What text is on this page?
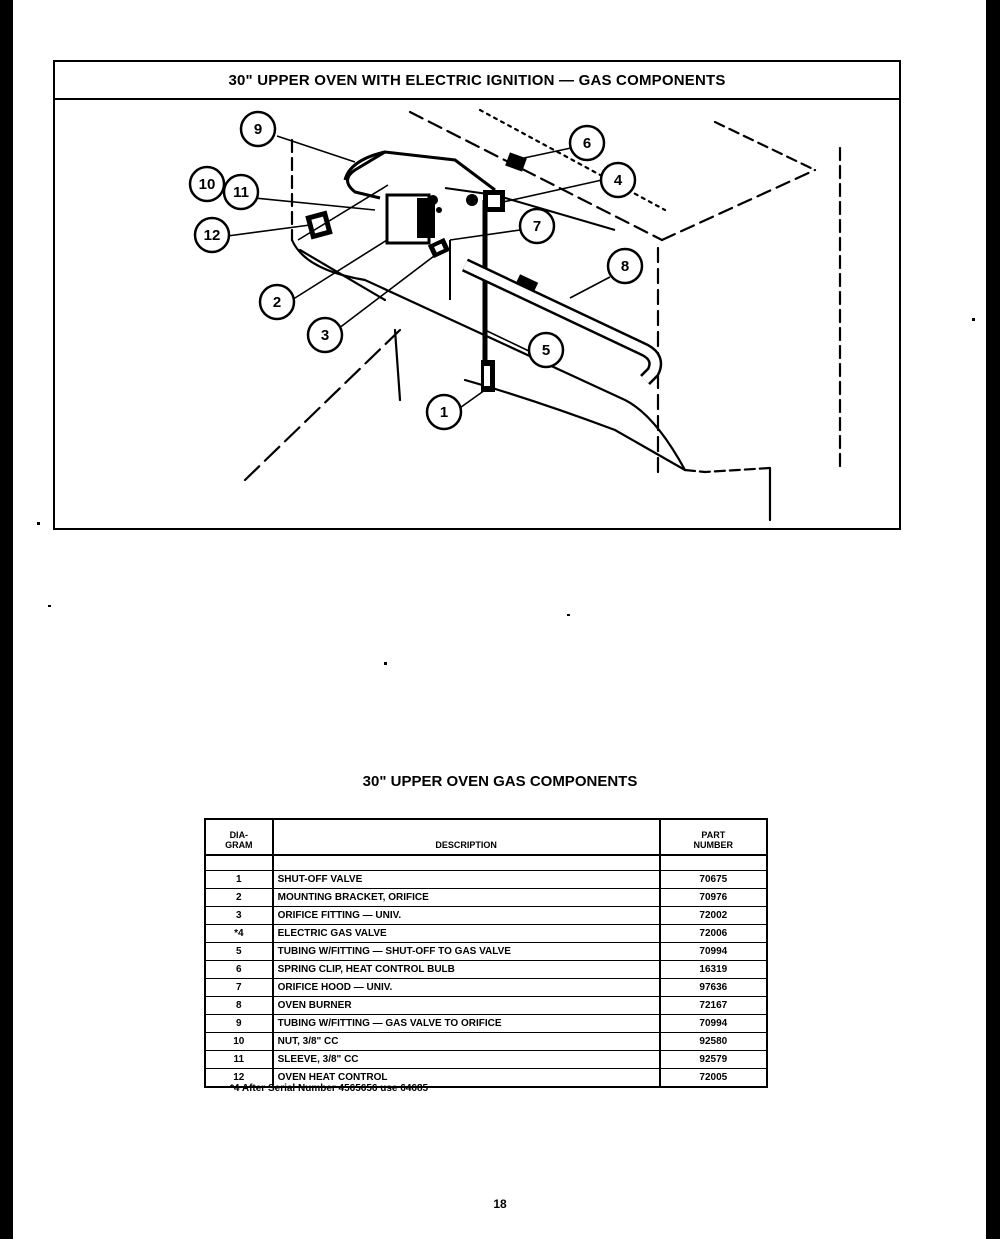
30" UPPER OVEN WITH ELECTRIC IGNITION — GAS COMPONENTS
9
6
4
10 11
7
12
8
2
3
5
1
30" UPPER OVEN GAS COMPONENTS
DIA-
GRAM	DESCRIPTION	PART
NUMBER

1	SHUT-OFF VALVE	70675
2	MOUNTING BRACKET, ORIFICE	70976
3	ORIFICE FITTING — UNIV.	72002
*4	ELECTRIC GAS VALVE	72006
5	TUBING W/FITTING — SHUT-OFF TO GAS VALVE	70994
6	SPRING CLIP, HEAT CONTROL BULB	16319
7	ORIFICE HOOD — UNIV.	97636
8	OVEN BURNER	72167
9	TUBING W/FITTING — GAS VALVE TO ORIFICE	70994
10	NUT, 3/8" CC	92580
11	SLEEVE, 3/8" CC	92579
12	OVEN HEAT CONTROL	72005
*4 After Serial Number 4565656 use 64685
18
